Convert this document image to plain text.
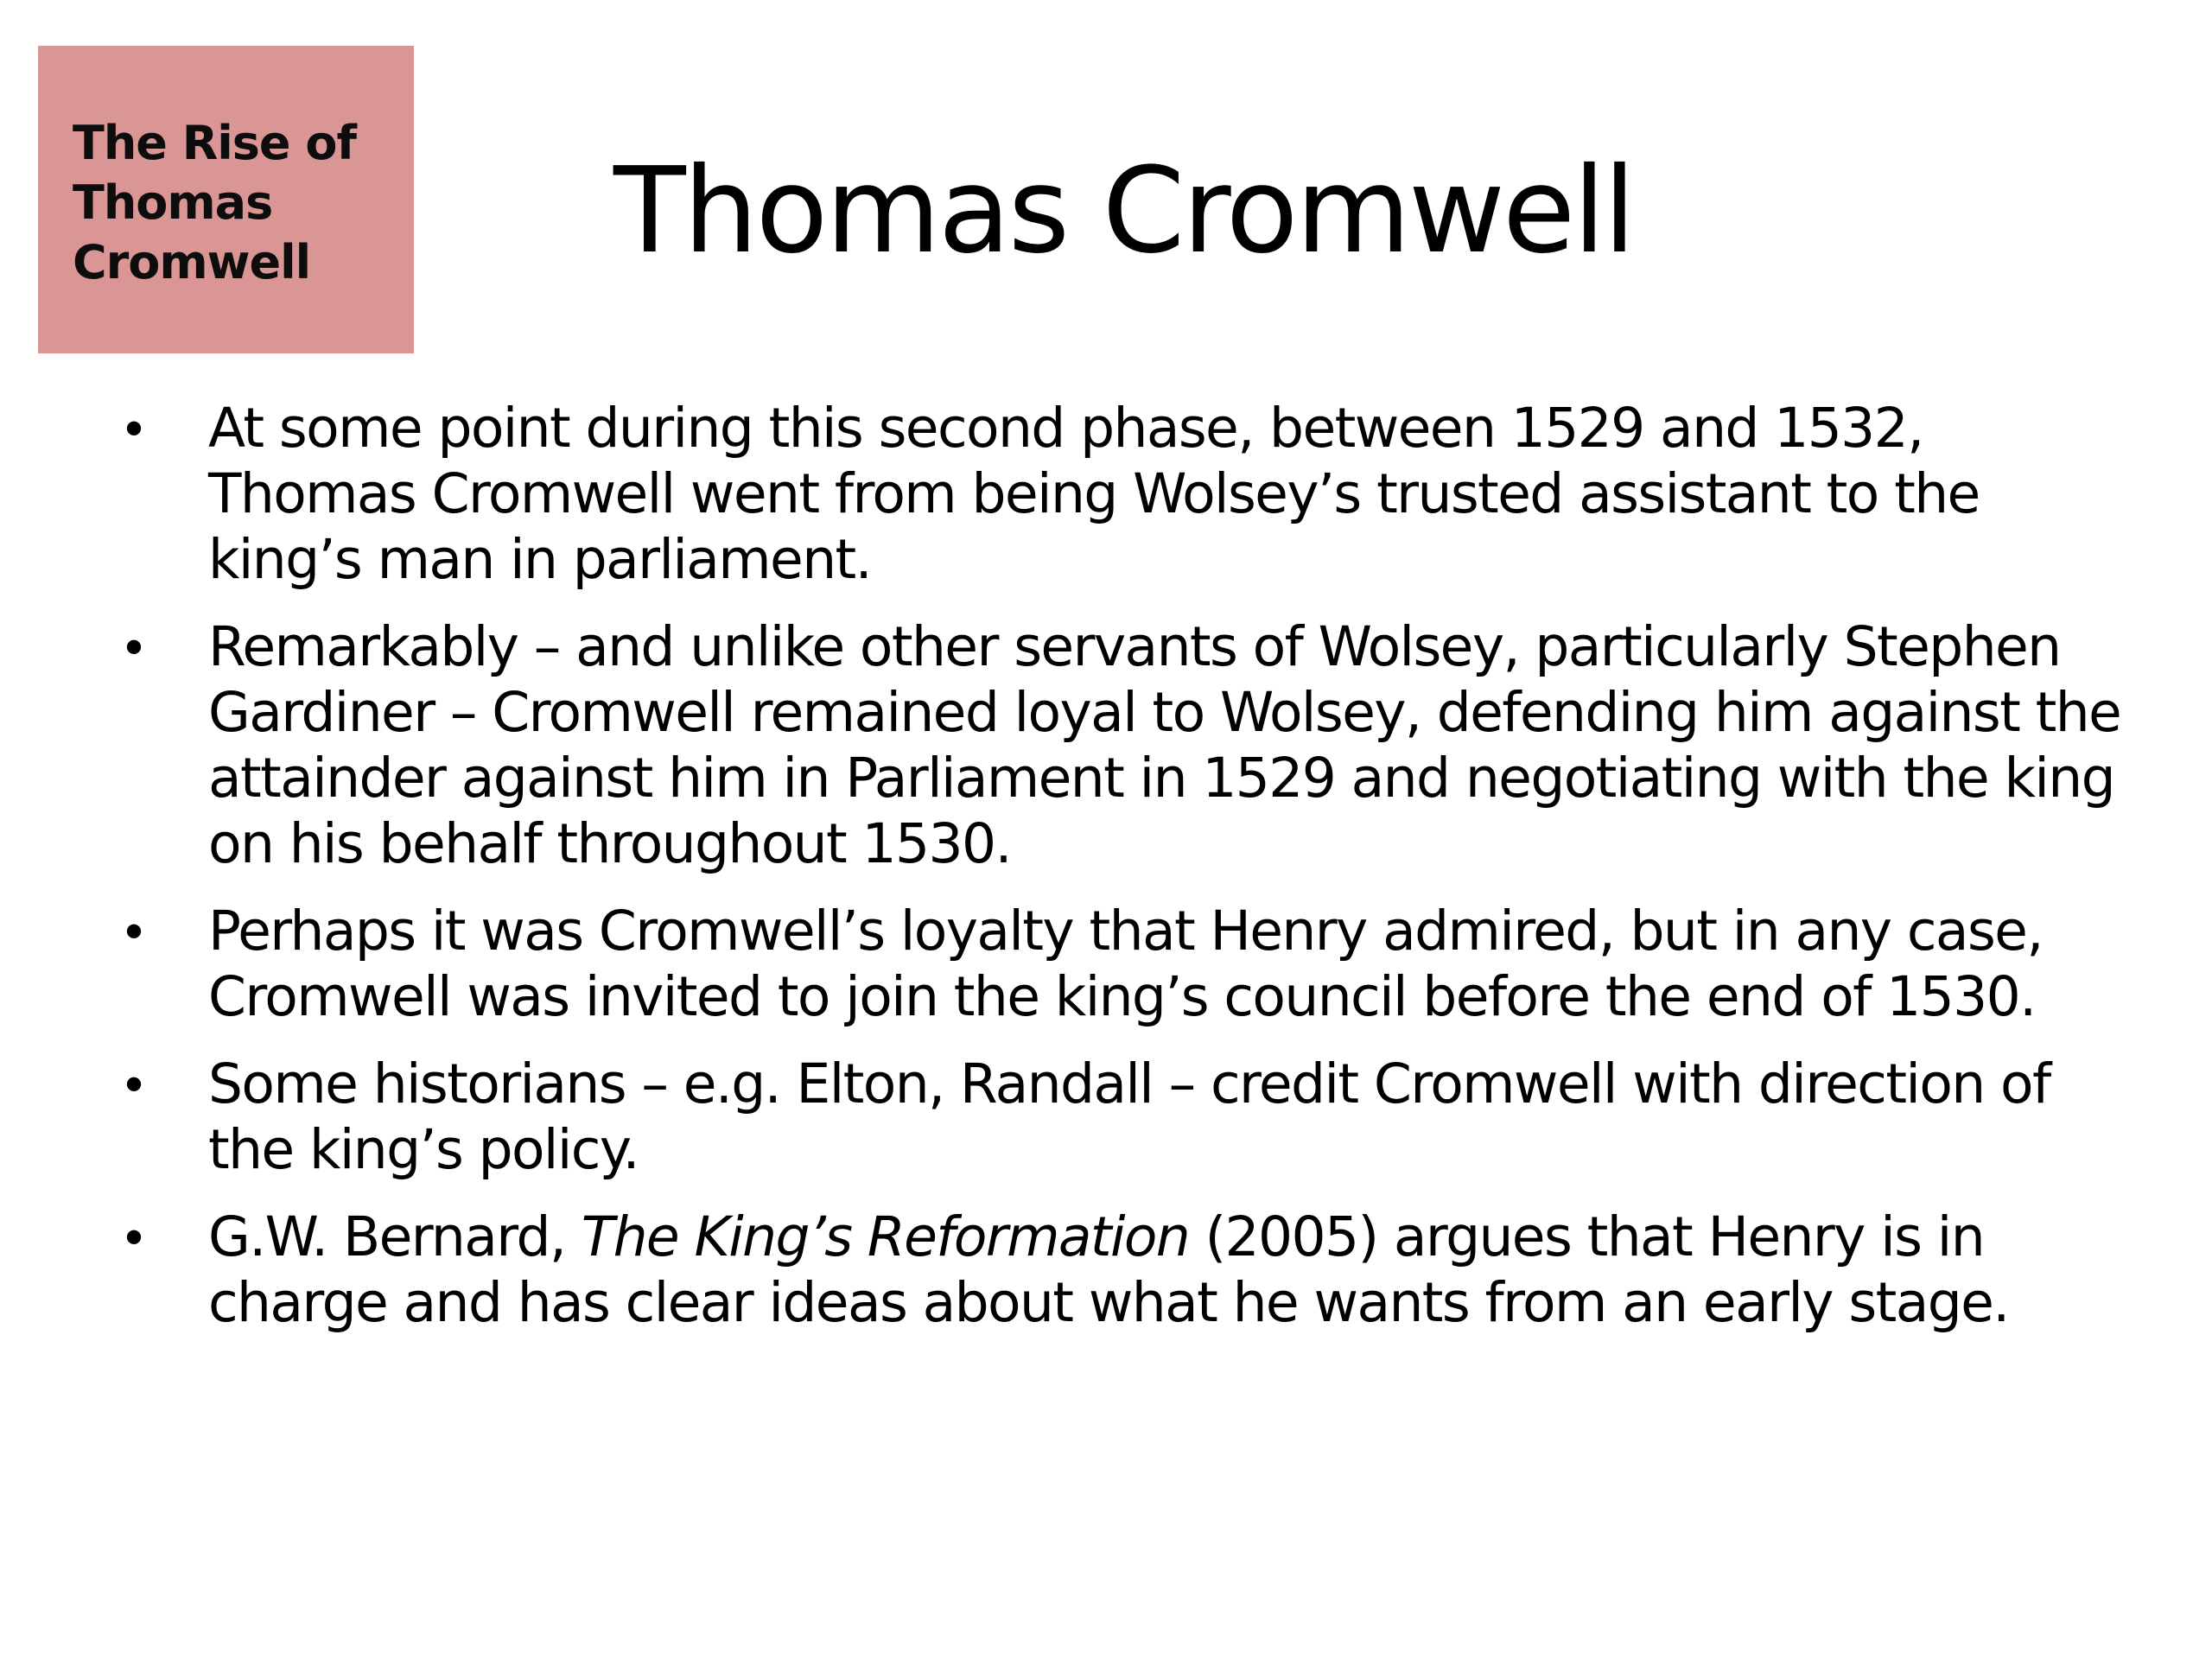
The Rise of
Thomas
Cromwell	Thomas Cromwell
• At some point during this second phase, between 1529 and 1532, Thomas Cromwell went from being Wolsey’s trusted assistant to the king’s man in parliament.
• Remarkably – and unlike other servants of Wolsey, particularly Stephen Gardiner – Cromwell remained loyal to Wolsey, defending him against the attainder against him in Parliament in 1529 and negotiating with the king on his behalf throughout 1530.
• Perhaps it was Cromwell’s loyalty that Henry admired, but in any case, Cromwell was invited to join the king’s council before the end of 1530.
• Some historians – e.g. Elton, Randall – credit Cromwell with direction of the king’s policy.
• G.W. Bernard, The King’s Reformation (2005) argues that Henry is in charge and has clear ideas about what he wants from an early stage.
